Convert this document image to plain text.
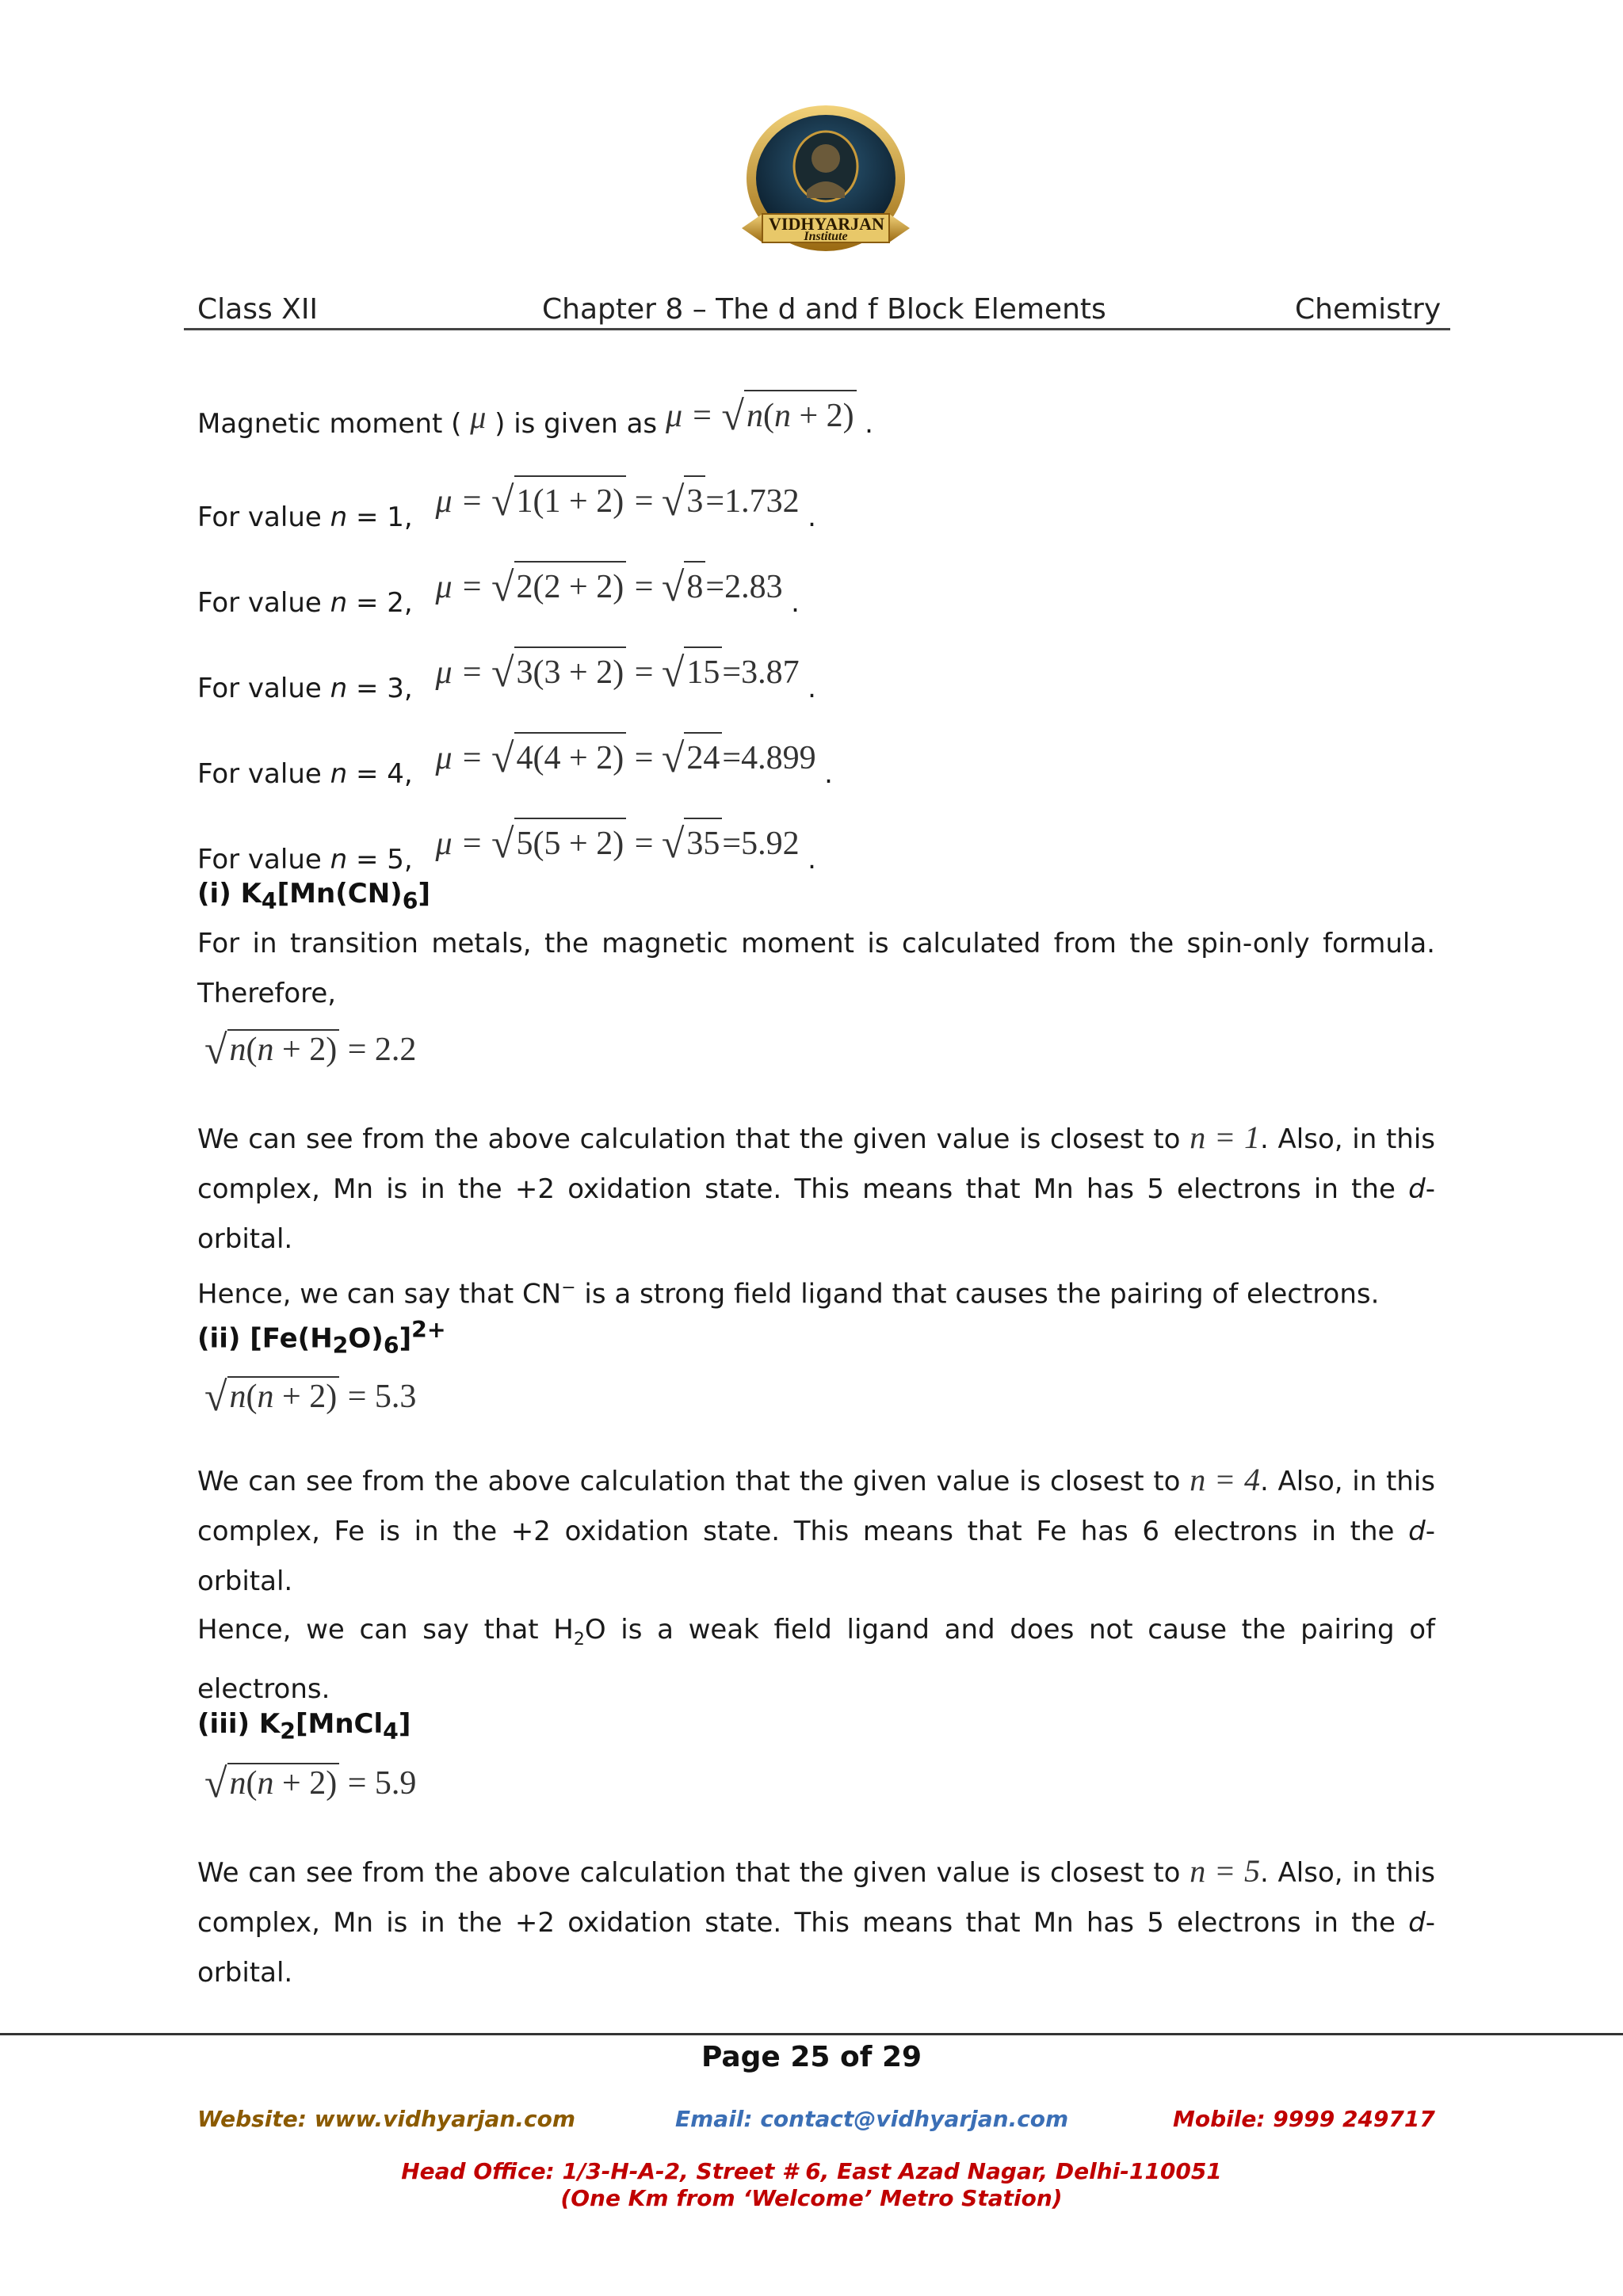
VIDHYARJAN
Institute
Class XII	Chapter 8 – The d and f Block Elements	Chemistry
Magnetic moment ( μ ) is given as μ = √n(n + 2) .
For value n = 1, μ = √1(1 + 2) = √3=1.732 .
For value n = 2, μ = √2(2 + 2) = √8=2.83 .
For value n = 3, μ = √3(3 + 2) = √15=3.87 .
For value n = 4, μ = √4(4 + 2) = √24=4.899 .
For value n = 5, μ = √5(5 + 2) = √35=5.92 .
(i) $K_4[Mn(CN)_6]$
For in transition metals, the magnetic moment is calculated from the spin-only formula. Therefore,
√n(n + 2) = 2.2
We can see from the above calculation that the given value is closest to n = 1. Also, in this complex, Mn is in the +2 oxidation state. This means that Mn has 5 electrons in the d-orbital.
Hence, we can say that CN− is a strong field ligand that causes the pairing of electrons.
(ii) $[Fe(H_2O)_6]^{2+}$
√n(n + 2) = 5.3
We can see from the above calculation that the given value is closest to n = 4. Also, in this complex, Fe is in the +2 oxidation state. This means that Fe has 6 electrons in the d-orbital.
Hence, we can say that $H_2O$ is a weak field ligand and does not cause the pairing of electrons.
(iii) $K_2[MnCl_4]$
√n(n + 2) = 5.9
We can see from the above calculation that the given value is closest to n = 5. Also, in this complex, Mn is in the +2 oxidation state. This means that Mn has 5 electrons in the d-orbital.
Page 25 of 29
Website: www.vidhyarjan.com	Email: contact@vidhyarjan.com	Mobile: 9999 249717
Head Office: 1/3-H-A-2, Street # 6, East Azad Nagar, Delhi-110051
(One Km from ‘Welcome’ Metro Station)
